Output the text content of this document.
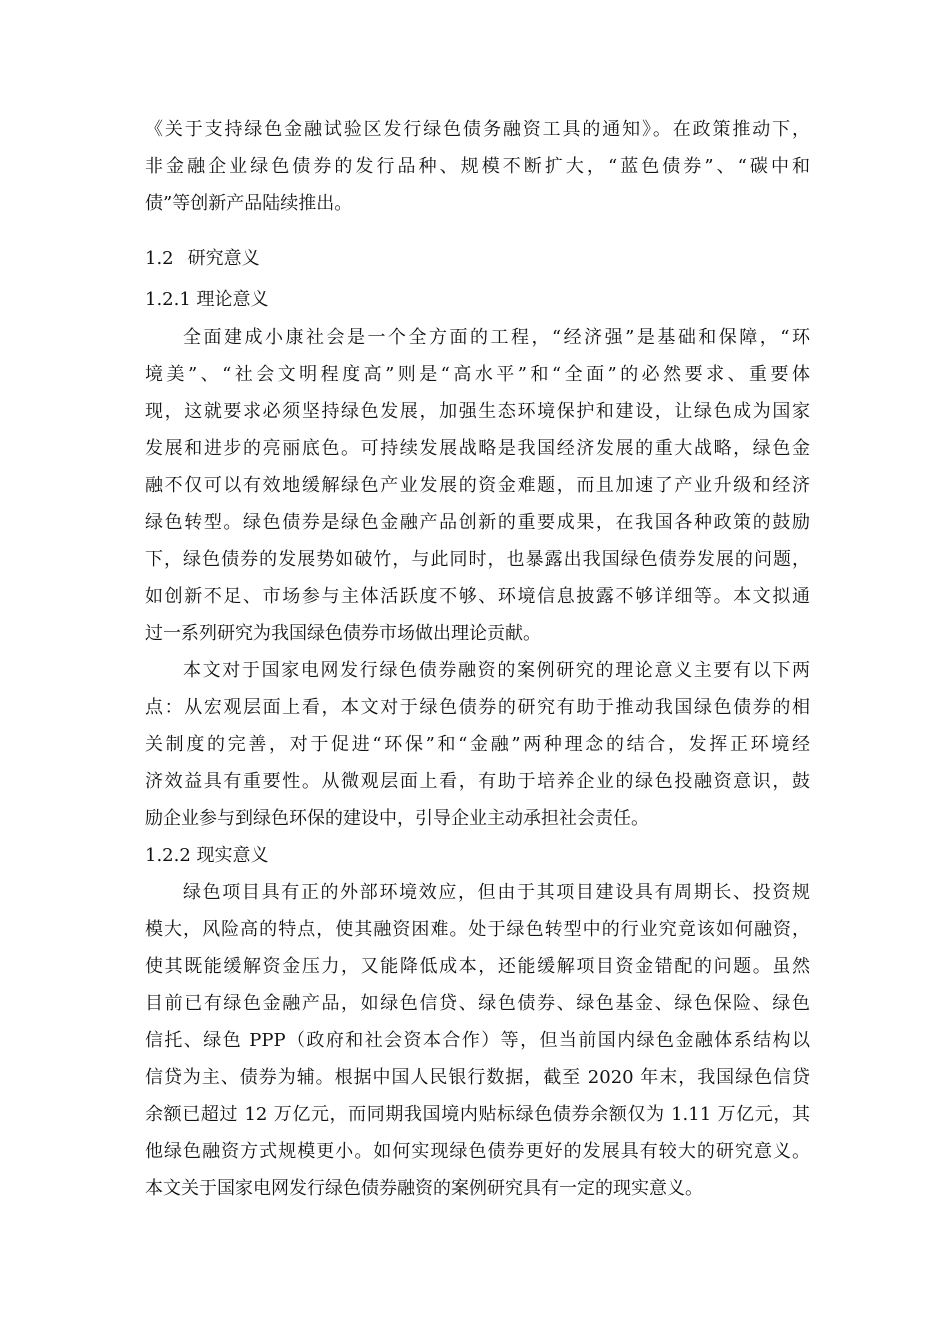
《关于支持绿色金融试验区发行绿色债务融资工具的通知》。在政策推动下，
非金融企业绿色债券的发行品种、规模不断扩大，“蓝色债券”、“碳中和
债”等创新产品陆续推出。
1.2 研究意义
1.2.1 理论意义
全面建成小康社会是一个全方面的工程，“经济强”是基础和保障，“环
境美”、“社会文明程度高”则是“高水平”和“全面”的必然要求、重要体
现，这就要求必须坚持绿色发展，加强生态环境保护和建设，让绿色成为国家
发展和进步的亮丽底色。可持续发展战略是我国经济发展的重大战略，绿色金
融不仅可以有效地缓解绿色产业发展的资金难题，而且加速了产业升级和经济
绿色转型。绿色债券是绿色金融产品创新的重要成果，在我国各种政策的鼓励
下，绿色债券的发展势如破竹，与此同时，也暴露出我国绿色债券发展的问题，
如创新不足、市场参与主体活跃度不够、环境信息披露不够详细等。本文拟通
过一系列研究为我国绿色债券市场做出理论贡献。
本文对于国家电网发行绿色债券融资的案例研究的理论意义主要有以下两
点：从宏观层面上看，本文对于绿色债券的研究有助于推动我国绿色债券的相
关制度的完善，对于促进“环保”和“金融”两种理念的结合，发挥正环境经
济效益具有重要性。从微观层面上看，有助于培养企业的绿色投融资意识，鼓
励企业参与到绿色环保的建设中，引导企业主动承担社会责任。
1.2.2 现实意义
绿色项目具有正的外部环境效应，但由于其项目建设具有周期长、投资规
模大，风险高的特点，使其融资困难。处于绿色转型中的行业究竟该如何融资，
使其既能缓解资金压力，又能降低成本，还能缓解项目资金错配的问题。虽然
目前已有绿色金融产品，如绿色信贷、绿色债券、绿色基金、绿色保险、绿色
信托、绿色 PPP（政府和社会资本合作）等，但当前国内绿色金融体系结构以
信贷为主、债券为辅。根据中国人民银行数据，截至 2020 年末，我国绿色信贷
余额已超过 12 万亿元，而同期我国境内贴标绿色债券余额仅为 1.11 万亿元，其
他绿色融资方式规模更小。如何实现绿色债券更好的发展具有较大的研究意义。
本文关于国家电网发行绿色债券融资的案例研究具有一定的现实意义。
